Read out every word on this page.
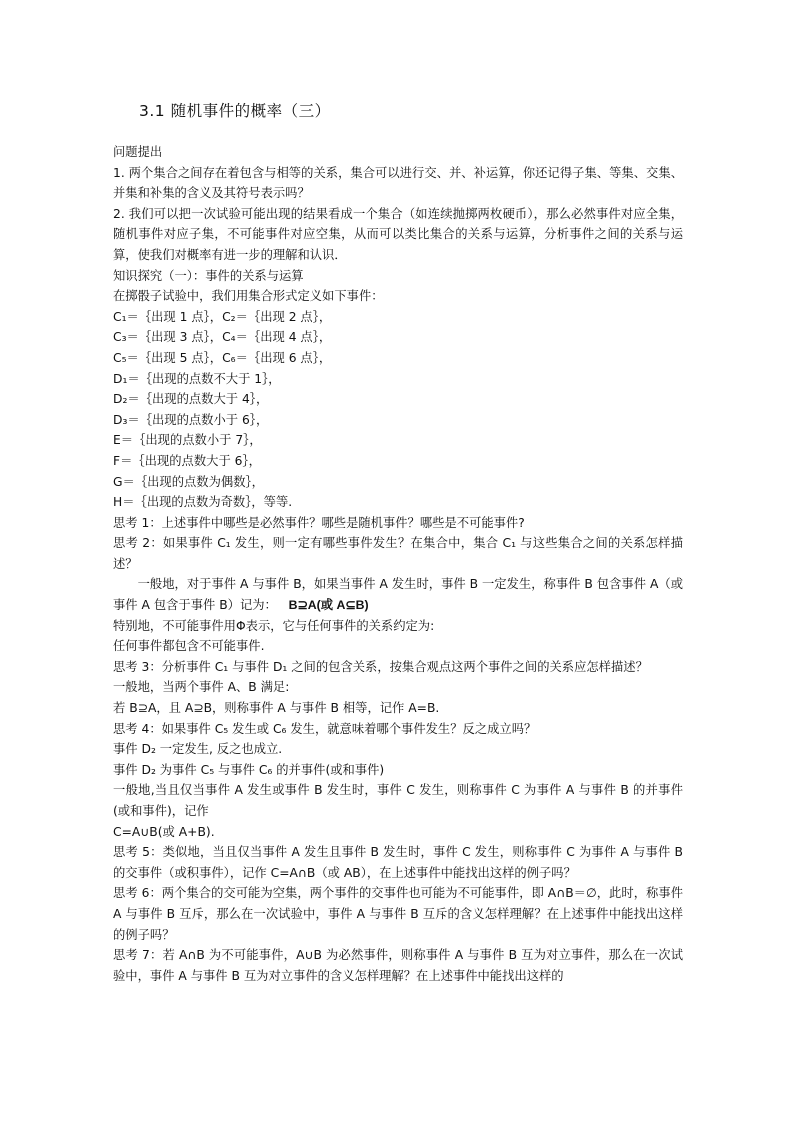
3.1 随机事件的概率（三）
问题提出
1. 两个集合之间存在着包含与相等的关系，集合可以进行交、并、补运算，你还记得子集、等集、交集、并集和补集的含义及其符号表示吗？
2. 我们可以把一次试验可能出现的结果看成一个集合（如连续抛掷两枚硬币），那么必然事件对应全集，随机事件对应子集，不可能事件对应空集，从而可以类比集合的关系与运算，分析事件之间的关系与运算，使我们对概率有进一步的理解和认识．
知识探究（一）：事件的关系与运算
在掷骰子试验中，我们用集合形式定义如下事件：
C₁＝｛出现 1 点｝，C₂＝｛出现 2 点｝，
C₃＝｛出现 3 点｝，C₄＝｛出现 4 点｝，
C₅＝｛出现 5 点｝，C₆＝｛出现 6 点｝，
D₁＝｛出现的点数不大于 1｝，
D₂＝｛出现的点数大于 4｝，
D₃＝｛出现的点数小于 6｝，
E＝｛出现的点数小于 7｝，
F＝｛出现的点数大于 6｝，
G＝｛出现的点数为偶数｝，
H＝｛出现的点数为奇数｝，等等.
思考 1：上述事件中哪些是必然事件？哪些是随机事件？哪些是不可能事件?
思考 2：如果事件 C₁ 发生，则一定有哪些事件发生？在集合中，集合 C₁ 与这些集合之间的关系怎样描述？
一般地，对于事件 A 与事件 B，如果当事件 A 发生时，事件 B 一定发生，称事件 B 包含事件 A（或事件 A 包含于事件 B）记为： B⊇A(或 A⊆B)
特别地，不可能事件用Φ表示，它与任何事件的关系约定为:
任何事件都包含不可能事件.
思考 3：分析事件 C₁ 与事件 D₁ 之间的包含关系，按集合观点这两个事件之间的关系应怎样描述？
一般地，当两个事件 A、B 满足:
若 B⊇A，且 A⊇B，则称事件 A 与事件 B 相等，记作 A=B.
思考 4：如果事件 C₅ 发生或 C₆ 发生，就意味着哪个事件发生？反之成立吗？
事件 D₂ 一定发生, 反之也成立.
事件 D₂ 为事件 C₅ 与事件 C₆ 的并事件(或和事件)
一般地,当且仅当事件 A 发生或事件 B 发生时，事件 C 发生，则称事件 C 为事件 A 与事件 B 的并事件(或和事件)，记作
C=A∪B(或 A+B).
思考 5：类似地，当且仅当事件 A 发生且事件 B 发生时，事件 C 发生，则称事件 C 为事件 A 与事件 B 的交事件（或积事件），记作 C=A∩B（或 AB），在上述事件中能找出这样的例子吗？
思考 6：两个集合的交可能为空集，两个事件的交事件也可能为不可能事件，即 A∩B＝∅，此时，称事件 A 与事件 B 互斥，那么在一次试验中，事件 A 与事件 B 互斥的含义怎样理解？在上述事件中能找出这样的例子吗？
思考 7：若 A∩B 为不可能事件，A∪B 为必然事件，则称事件 A 与事件 B 互为对立事件，那么在一次试验中，事件 A 与事件 B 互为对立事件的含义怎样理解？在上述事件中能找出这样的
